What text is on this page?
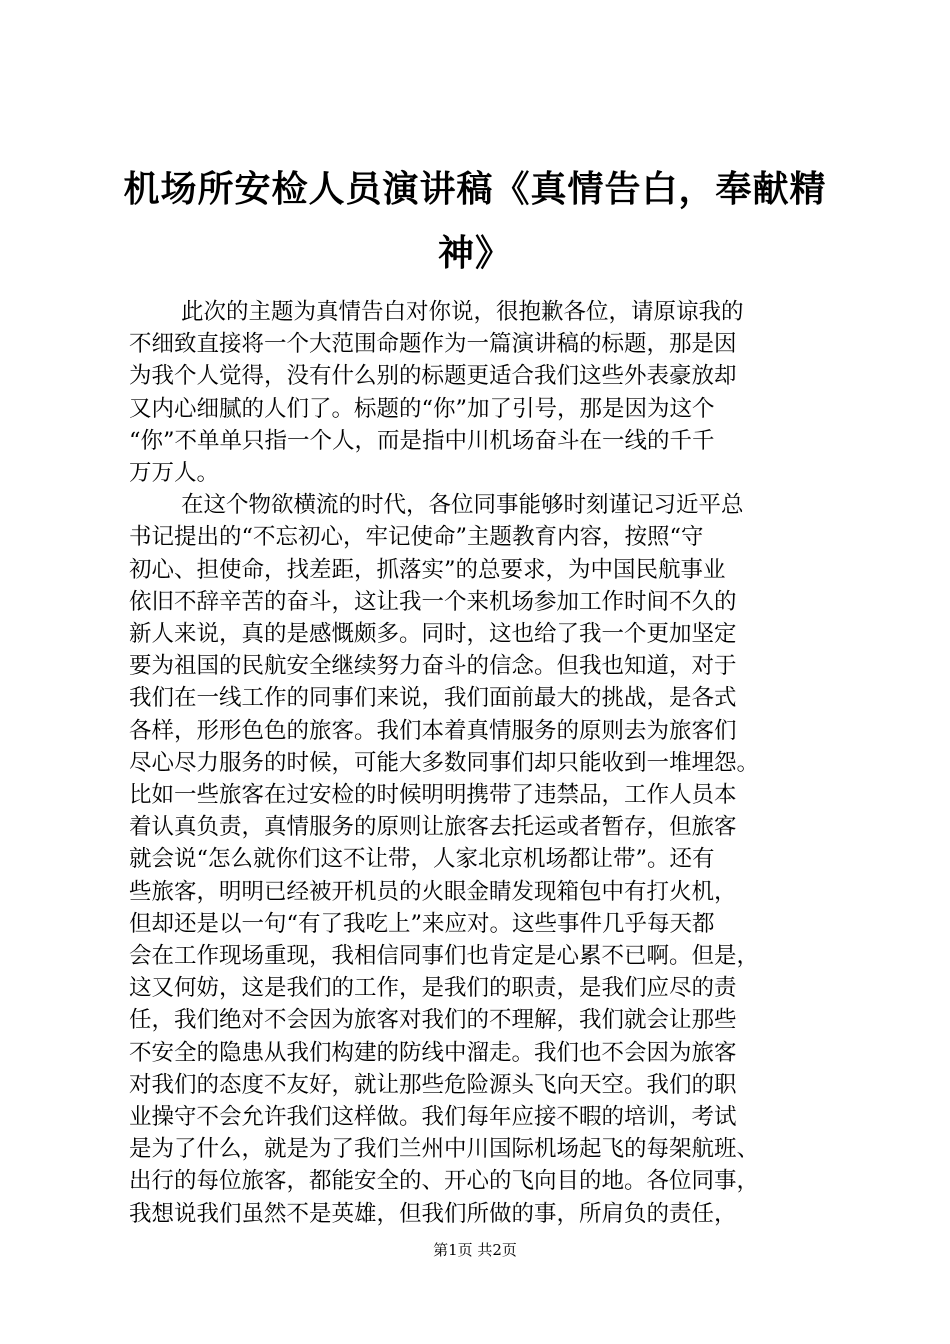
机场所安检人员演讲稿《真情告白，奉献精
神》

此次的主题为真情告白对你说，很抱歉各位，请原谅我的
不细致直接将一个大范围命题作为一篇演讲稿的标题，那是因
为我个人觉得，没有什么别的标题更适合我们这些外表豪放却
又内心细腻的人们了。标题的“你”加了引号，那是因为这个
“你”不单单只指一个人，而是指中川机场奋斗在一线的千千
万万人。

在这个物欲横流的时代，各位同事能够时刻谨记习近平总
书记提出的“不忘初心，牢记使命”主题教育内容，按照“守
初心、担使命，找差距，抓落实”的总要求，为中国民航事业
依旧不辞辛苦的奋斗，这让我一个来机场参加工作时间不久的
新人来说，真的是感慨颇多。同时，这也给了我一个更加坚定
要为祖国的民航安全继续努力奋斗的信念。但我也知道，对于
我们在一线工作的同事们来说，我们面前最大的挑战，是各式
各样，形形色色的旅客。我们本着真情服务的原则去为旅客们
尽心尽力服务的时候，可能大多数同事们却只能收到一堆埋怨。
比如一些旅客在过安检的时候明明携带了违禁品，工作人员本
着认真负责，真情服务的原则让旅客去托运或者暂存，但旅客
就会说“怎么就你们这不让带，人家北京机场都让带”。还有
些旅客，明明已经被开机员的火眼金睛发现箱包中有打火机，
但却还是以一句“有了我吃上”来应对。这些事件几乎每天都
会在工作现场重现，我相信同事们也肯定是心累不已啊。但是，
这又何妨，这是我们的工作，是我们的职责，是我们应尽的责
任，我们绝对不会因为旅客对我们的不理解，我们就会让那些
不安全的隐患从我们构建的防线中溜走。我们也不会因为旅客
对我们的态度不友好，就让那些危险源头飞向天空。我们的职
业操守不会允许我们这样做。我们每年应接不暇的培训，考试
是为了什么，就是为了我们兰州中川国际机场起飞的每架航班、
出行的每位旅客，都能安全的、开心的飞向目的地。各位同事，
我想说我们虽然不是英雄，但我们所做的事，所肩负的责任，

第1页 共2页
